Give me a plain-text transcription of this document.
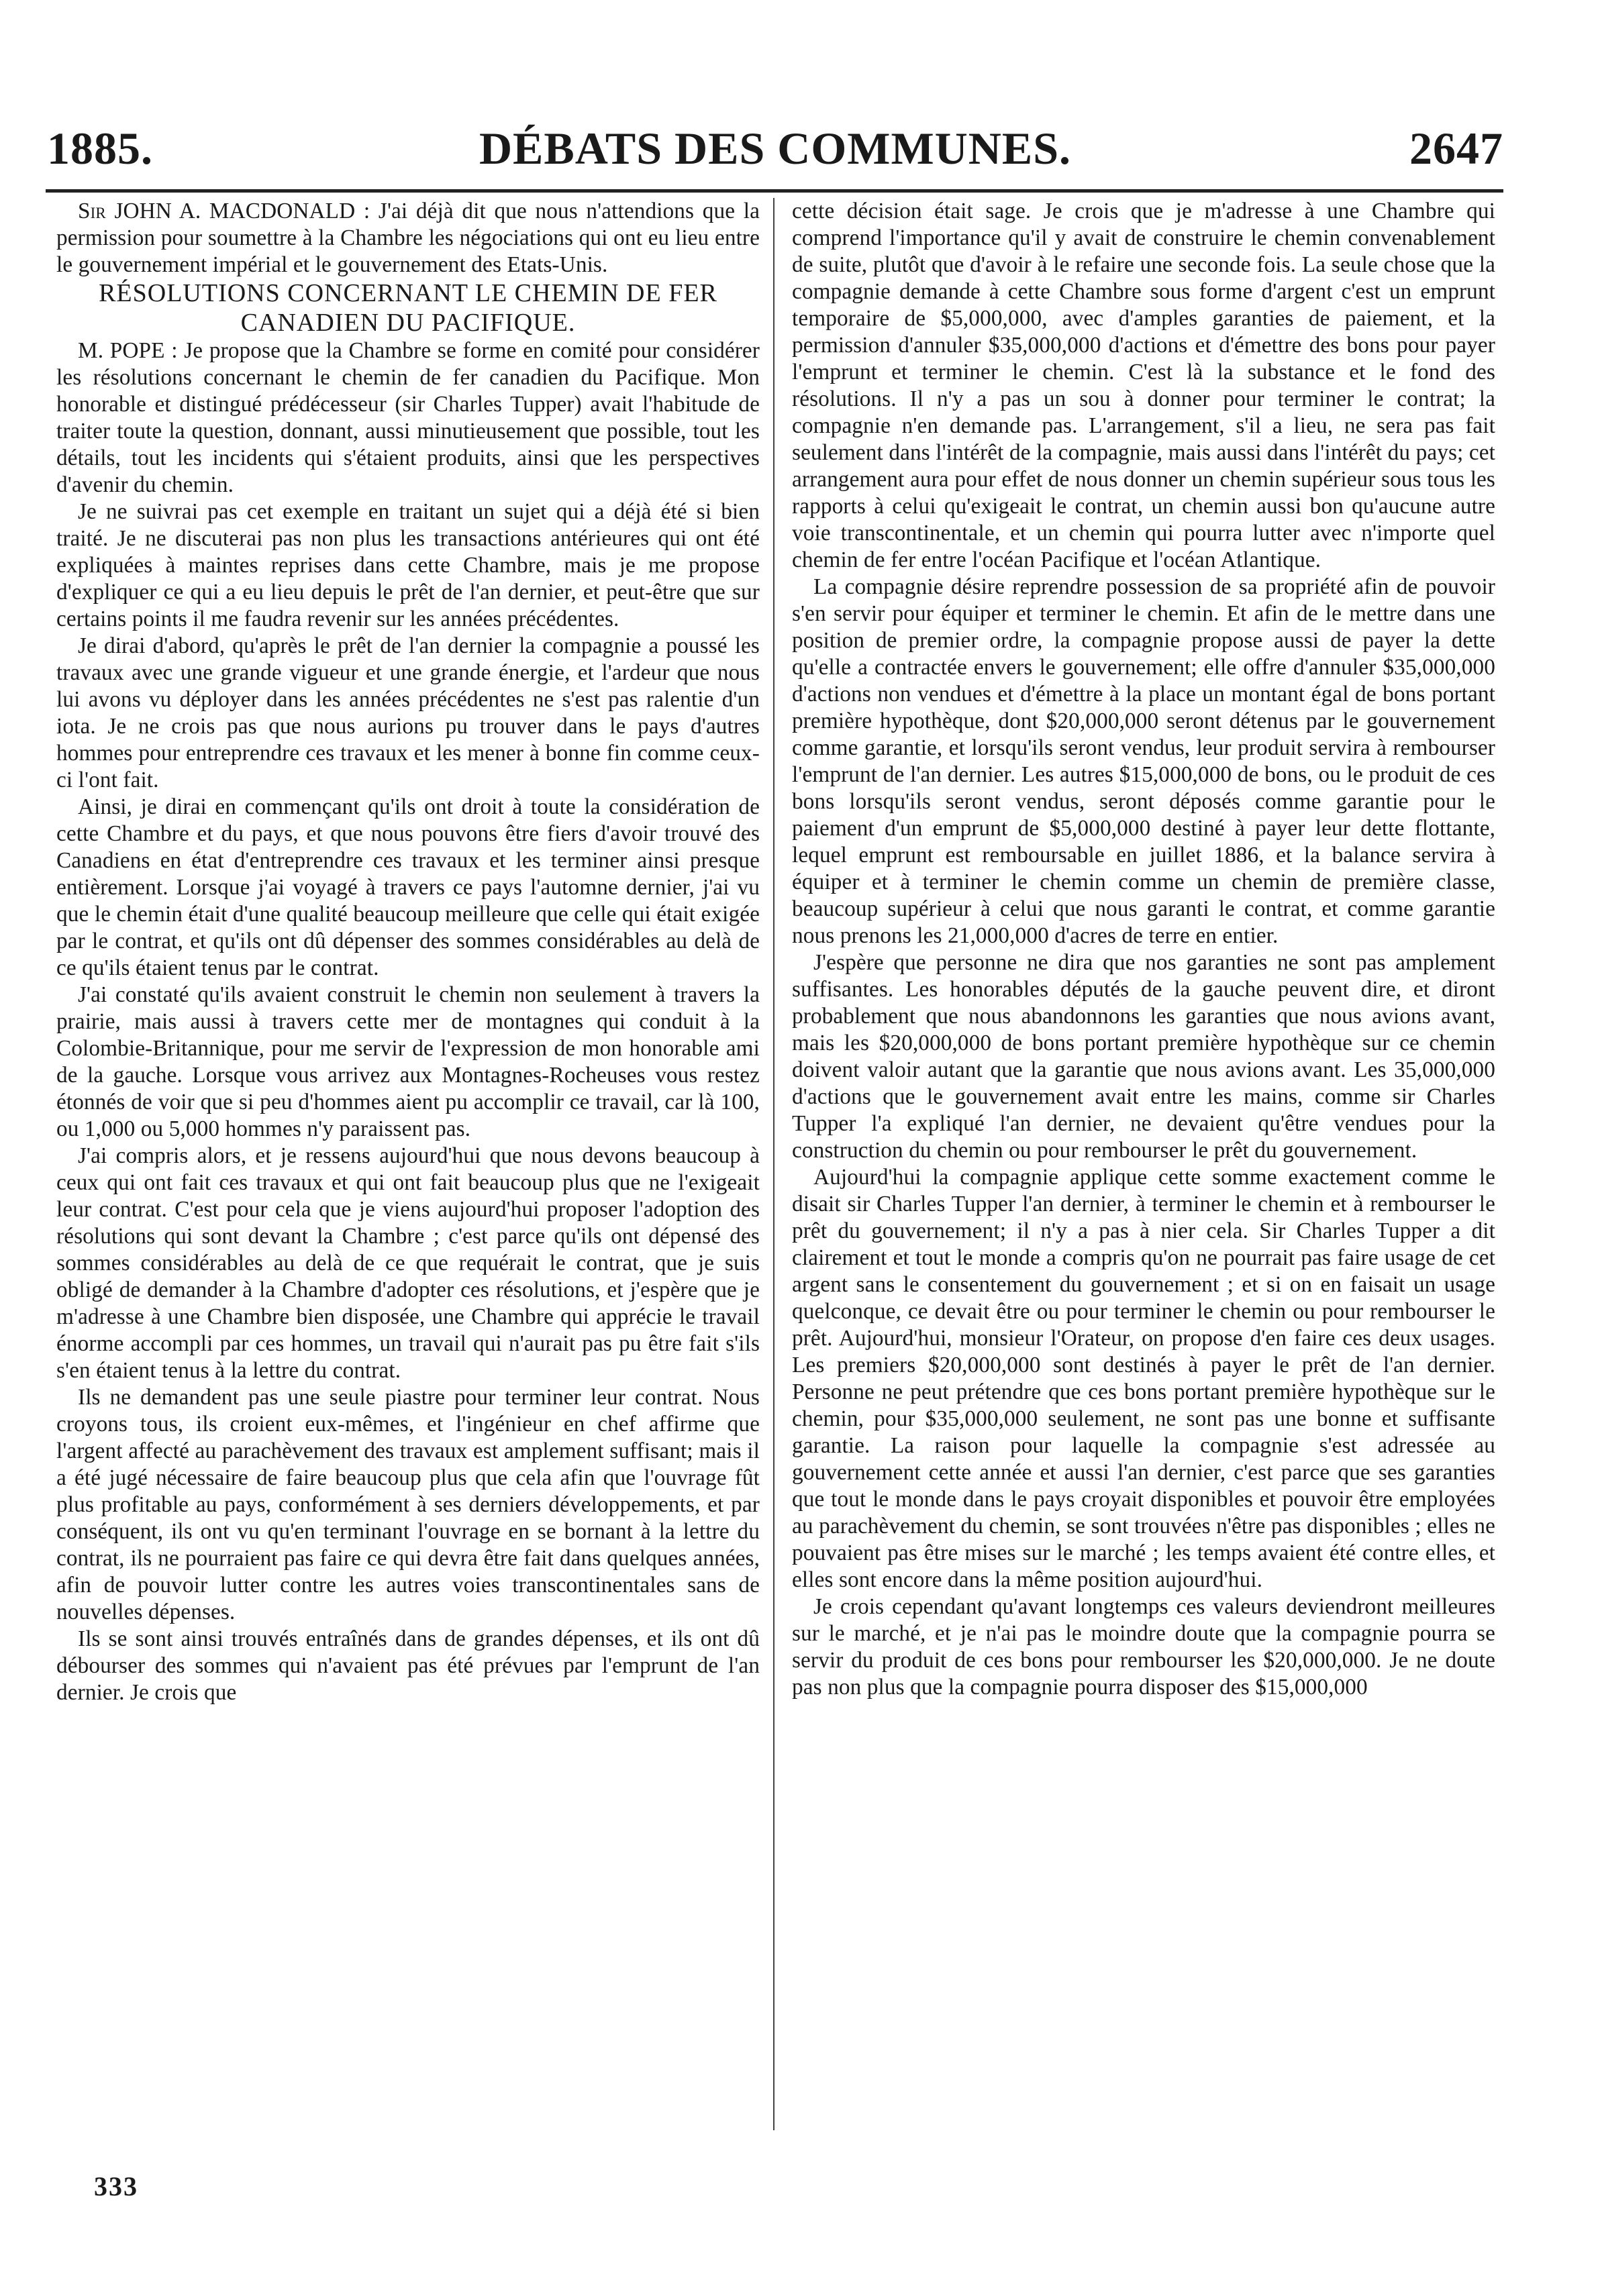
1885.	DÉBATS DES COMMUNES.	2647

Sir JOHN A. MACDONALD : J'ai déjà dit que nous n'attendions que la permission pour soumettre à la Chambre les négociations qui ont eu lieu entre le gouvernement impérial et le gouvernement des Etats-Unis.

RÉSOLUTIONS CONCERNANT LE CHEMIN DE FER CANADIEN DU PACIFIQUE.

M. POPE : Je propose que la Chambre se forme en comité pour considérer les résolutions concernant le chemin de fer canadien du Pacifique. Mon honorable et distingué prédécesseur (sir Charles Tupper) avait l'habitude de traiter toute la question, donnant, aussi minutieusement que possible, tout les détails, tout les incidents qui s'étaient produits, ainsi que les perspectives d'avenir du chemin.

Je ne suivrai pas cet exemple en traitant un sujet qui a déjà été si bien traité. Je ne discuterai pas non plus les transactions antérieures qui ont été expliquées à maintes reprises dans cette Chambre, mais je me propose d'expliquer ce qui a eu lieu depuis le prêt de l'an dernier, et peut-être que sur certains points il me faudra revenir sur les années précédentes.

Je dirai d'abord, qu'après le prêt de l'an dernier la compagnie a poussé les travaux avec une grande vigueur et une grande énergie, et l'ardeur que nous lui avons vu déployer dans les années précédentes ne s'est pas ralentie d'un iota. Je ne crois pas que nous aurions pu trouver dans le pays d'autres hommes pour entreprendre ces travaux et les mener à bonne fin comme ceux-ci l'ont fait.

Ainsi, je dirai en commençant qu'ils ont droit à toute la considération de cette Chambre et du pays, et que nous pouvons être fiers d'avoir trouvé des Canadiens en état d'entreprendre ces travaux et les terminer ainsi presque entièrement. Lorsque j'ai voyagé à travers ce pays l'automne dernier, j'ai vu que le chemin était d'une qualité beaucoup meilleure que celle qui était exigée par le contrat, et qu'ils ont dû dépenser des sommes considérables au delà de ce qu'ils étaient tenus par le contrat.

J'ai constaté qu'ils avaient construit le chemin non seulement à travers la prairie, mais aussi à travers cette mer de montagnes qui conduit à la Colombie-Britannique, pour me servir de l'expression de mon honorable ami de la gauche. Lorsque vous arrivez aux Montagnes-Rocheuses vous restez étonnés de voir que si peu d'hommes aient pu accomplir ce travail, car là 100, ou 1,000 ou 5,000 hommes n'y paraissent pas.

J'ai compris alors, et je ressens aujourd'hui que nous devons beaucoup à ceux qui ont fait ces travaux et qui ont fait beaucoup plus que ne l'exigeait leur contrat. C'est pour cela que je viens aujourd'hui proposer l'adoption des résolutions qui sont devant la Chambre ; c'est parce qu'ils ont dépensé des sommes considérables au delà de ce que requérait le contrat, que je suis obligé de demander à la Chambre d'adopter ces résolutions, et j'espère que je m'adresse à une Chambre bien disposée, une Chambre qui apprécie le travail énorme accompli par ces hommes, un travail qui n'aurait pas pu être fait s'ils s'en étaient tenus à la lettre du contrat.

Ils ne demandent pas une seule piastre pour terminer leur contrat. Nous croyons tous, ils croient eux-mêmes, et l'ingénieur en chef affirme que l'argent affecté au parachèvement des travaux est amplement suffisant; mais il a été jugé nécessaire de faire beaucoup plus que cela afin que l'ouvrage fût plus profitable au pays, conformément à ses derniers développements, et par conséquent, ils ont vu qu'en terminant l'ouvrage en se bornant à la lettre du contrat, ils ne pourraient pas faire ce qui devra être fait dans quelques années, afin de pouvoir lutter contre les autres voies transcontinentales sans de nouvelles dépenses.

Ils se sont ainsi trouvés entraînés dans de grandes dépenses, et ils ont dû débourser des sommes qui n'avaient pas été prévues par l'emprunt de l'an dernier. Je crois que

cette décision était sage. Je crois que je m'adresse à une Chambre qui comprend l'importance qu'il y avait de construire le chemin convenablement de suite, plutôt que d'avoir à le refaire une seconde fois. La seule chose que la compagnie demande à cette Chambre sous forme d'argent c'est un emprunt temporaire de $5,000,000, avec d'amples garanties de paiement, et la permission d'annuler $35,000,000 d'actions et d'émettre des bons pour payer l'emprunt et terminer le chemin. C'est là la substance et le fond des résolutions. Il n'y a pas un sou à donner pour terminer le contrat; la compagnie n'en demande pas. L'arrangement, s'il a lieu, ne sera pas fait seulement dans l'intérêt de la compagnie, mais aussi dans l'intérêt du pays; cet arrangement aura pour effet de nous donner un chemin supérieur sous tous les rapports à celui qu'exigeait le contrat, un chemin aussi bon qu'aucune autre voie transcontinentale, et un chemin qui pourra lutter avec n'importe quel chemin de fer entre l'océan Pacifique et l'océan Atlantique.

La compagnie désire reprendre possession de sa propriété afin de pouvoir s'en servir pour équiper et terminer le chemin. Et afin de le mettre dans une position de premier ordre, la compagnie propose aussi de payer la dette qu'elle a contractée envers le gouvernement; elle offre d'annuler $35,000,000 d'actions non vendues et d'émettre à la place un montant égal de bons portant première hypothèque, dont $20,000,000 seront détenus par le gouvernement comme garantie, et lorsqu'ils seront vendus, leur produit servira à rembourser l'emprunt de l'an dernier. Les autres $15,000,000 de bons, ou le produit de ces bons lorsqu'ils seront vendus, seront déposés comme garantie pour le paiement d'un emprunt de $5,000,000 destiné à payer leur dette flottante, lequel emprunt est remboursable en juillet 1886, et la balance servira à équiper et à terminer le chemin comme un chemin de première classe, beaucoup supérieur à celui que nous garanti le contrat, et comme garantie nous prenons les 21,000,000 d'acres de terre en entier.

J'espère que personne ne dira que nos garanties ne sont pas amplement suffisantes. Les honorables députés de la gauche peuvent dire, et diront probablement que nous abandonnons les garanties que nous avions avant, mais les $20,000,000 de bons portant première hypothèque sur ce chemin doivent valoir autant que la garantie que nous avions avant. Les 35,000,000 d'actions que le gouvernement avait entre les mains, comme sir Charles Tupper l'a expliqué l'an dernier, ne devaient qu'être vendues pour la construction du chemin ou pour rembourser le prêt du gouvernement.

Aujourd'hui la compagnie applique cette somme exactement comme le disait sir Charles Tupper l'an dernier, à terminer le chemin et à rembourser le prêt du gouvernement; il n'y a pas à nier cela. Sir Charles Tupper a dit clairement et tout le monde a compris qu'on ne pourrait pas faire usage de cet argent sans le consentement du gouvernement ; et si on en faisait un usage quelconque, ce devait être ou pour terminer le chemin ou pour rembourser le prêt. Aujourd'hui, monsieur l'Orateur, on propose d'en faire ces deux usages. Les premiers $20,000,000 sont destinés à payer le prêt de l'an dernier. Personne ne peut prétendre que ces bons portant première hypothèque sur le chemin, pour $35,000,000 seulement, ne sont pas une bonne et suffisante garantie. La raison pour laquelle la compagnie s'est adressée au gouvernement cette année et aussi l'an dernier, c'est parce que ses garanties que tout le monde dans le pays croyait disponibles et pouvoir être employées au parachèvement du chemin, se sont trouvées n'être pas disponibles ; elles ne pouvaient pas être mises sur le marché ; les temps avaient été contre elles, et elles sont encore dans la même position aujourd'hui.

Je crois cependant qu'avant longtemps ces valeurs deviendront meilleures sur le marché, et je n'ai pas le moindre doute que la compagnie pourra se servir du produit de ces bons pour rembourser les $20,000,000. Je ne doute pas non plus que la compagnie pourra disposer des $15,000,000

333
